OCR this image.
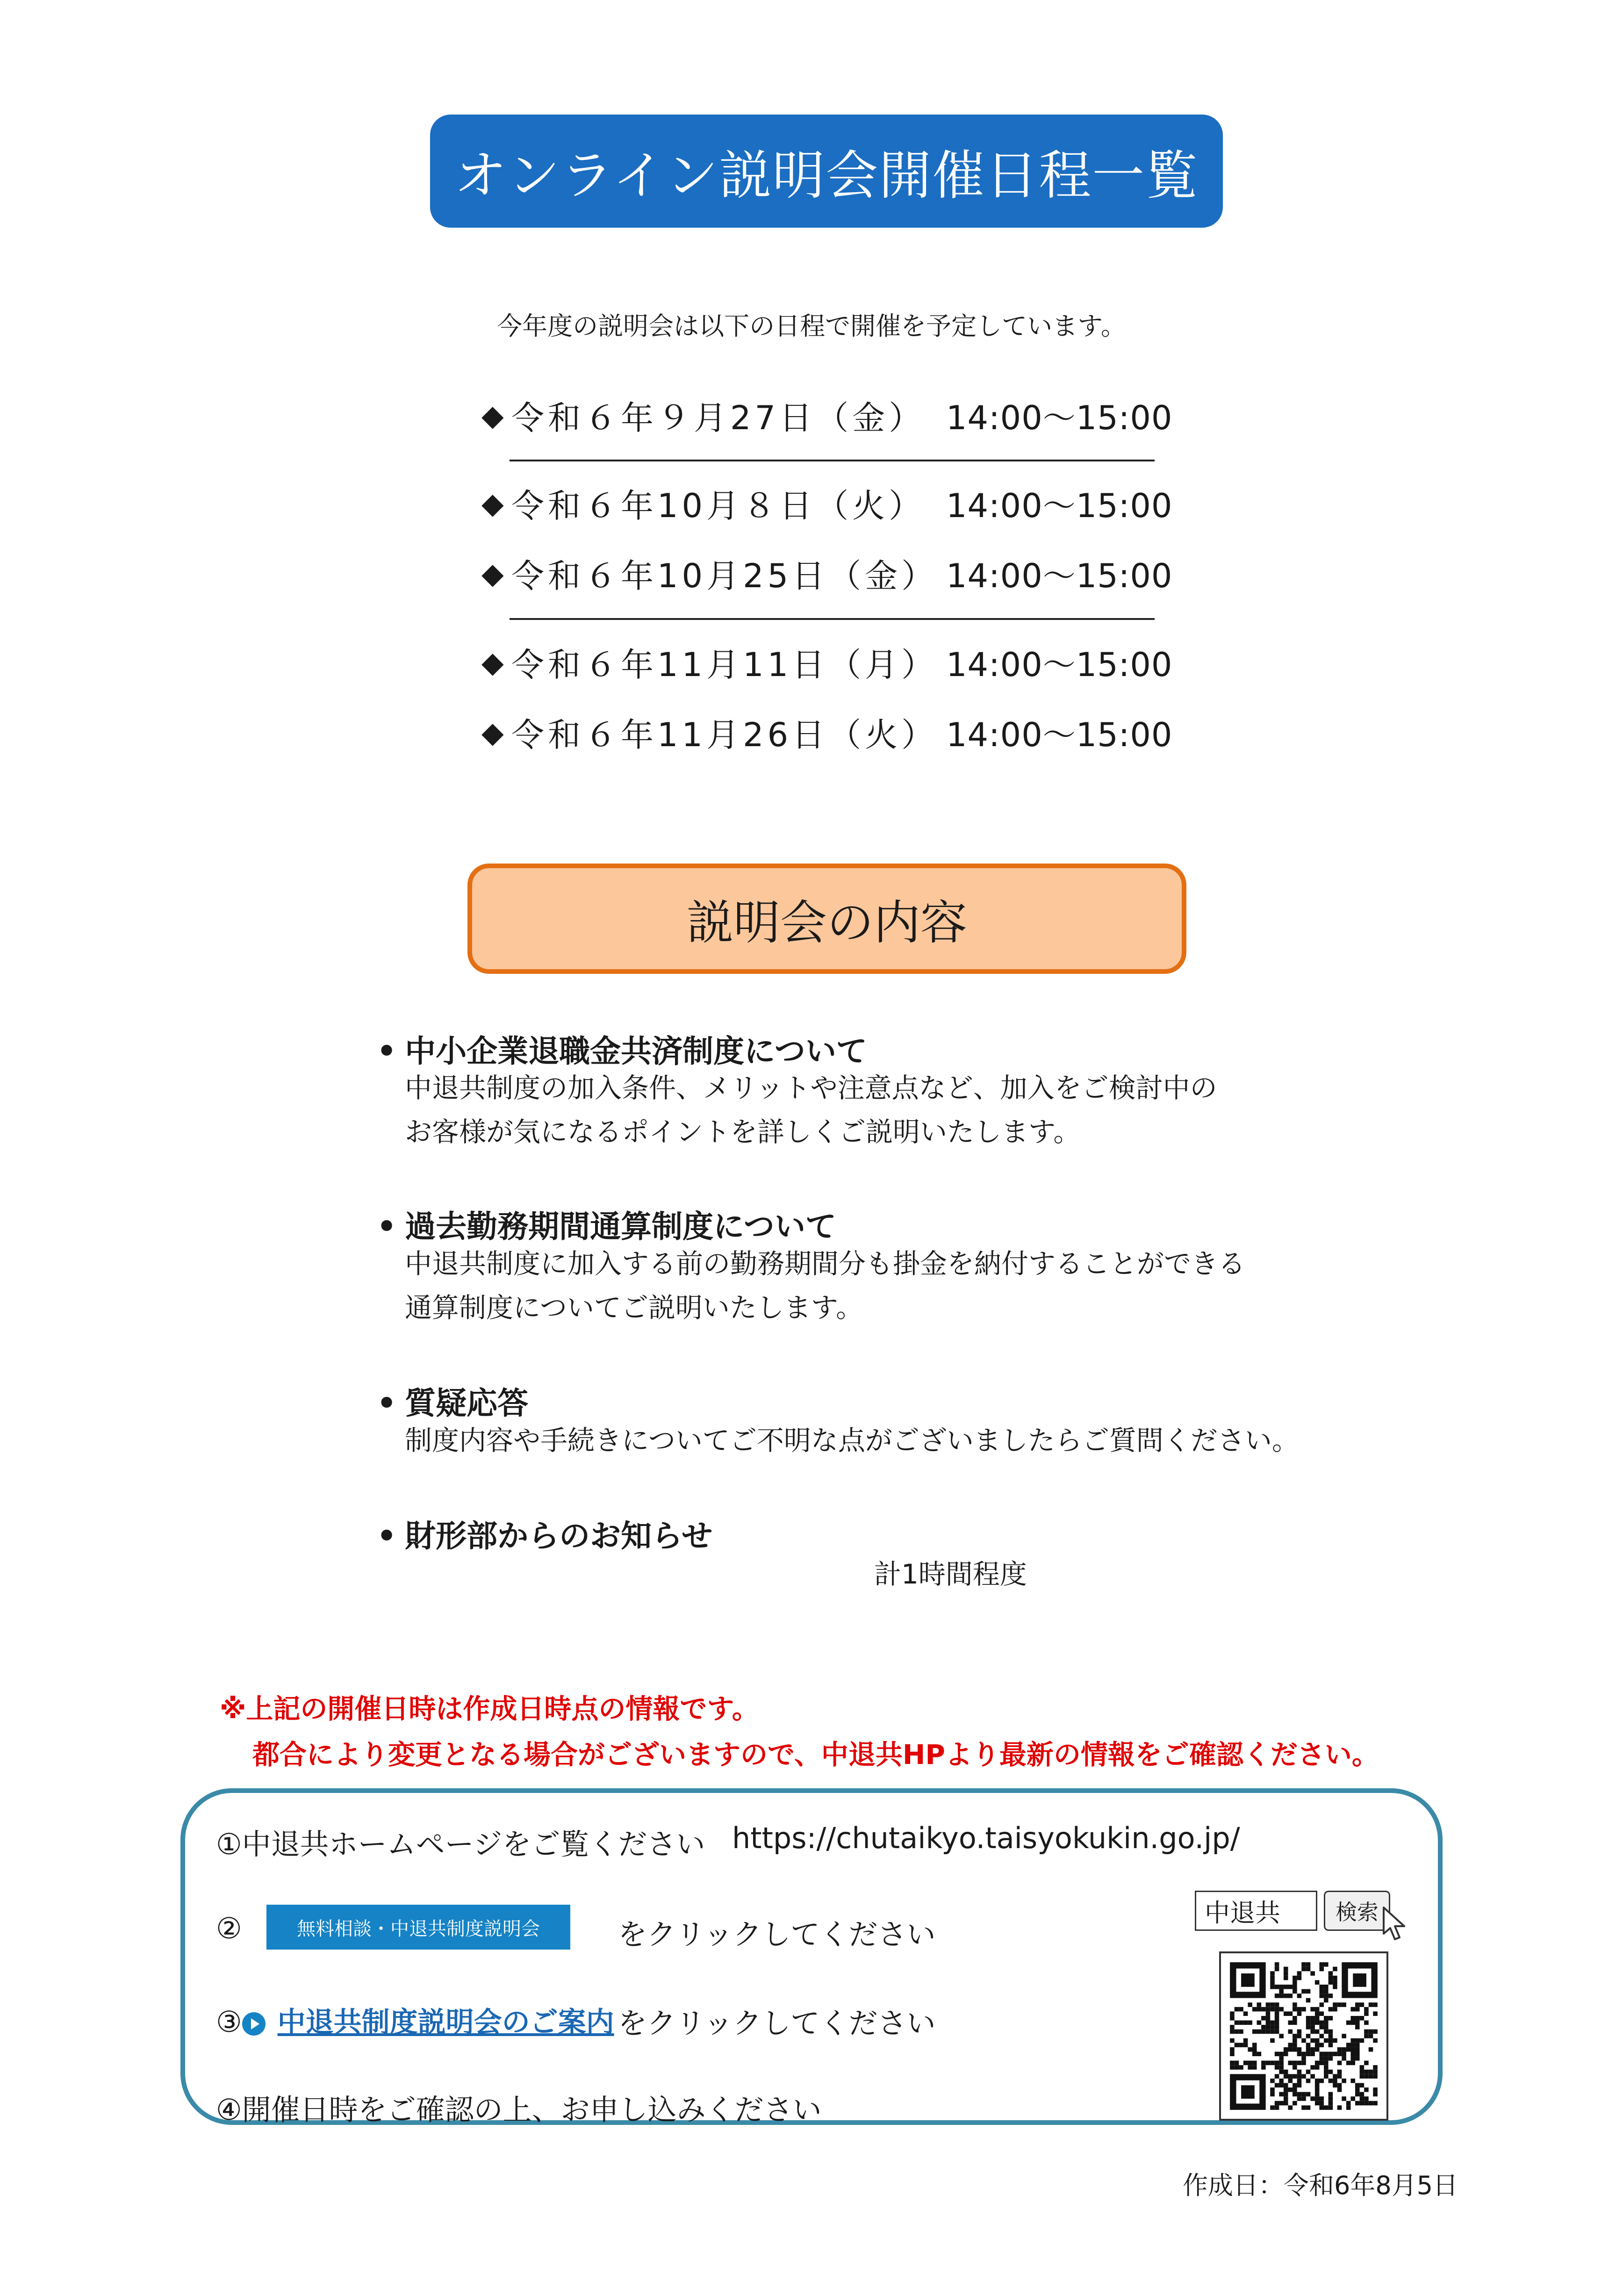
オンライン説明会開催日程一覧
今年度の説明会は以下の日程で開催を予定しています。
◆ 令和６年９月27日（金） 14:00～15:00
◆ 令和６年10月８日（火） 14:00～15:00
◆ 令和６年10月25日（金） 14:00～15:00
◆ 令和６年11月11日（月） 14:00～15:00
◆ 令和６年11月26日（火） 14:00～15:00
説明会の内容
• 中小企業退職金共済制度について
中退共制度の加入条件、メリットや注意点など、加入をご検討中の
お客様が気になるポイントを詳しくご説明いたします。
• 過去勤務期間通算制度について
中退共制度に加入する前の勤務期間分も掛金を納付することができる
通算制度についてご説明いたします。
• 質疑応答
制度内容や手続きについてご不明な点がございましたらご質問ください。
• 財形部からのお知らせ
計1時間程度
※上記の開催日時は作成日時点の情報です。
都合により変更となる場合がございますので、中退共HPより最新の情報をご確認ください。
①中退共ホームページをご覧ください https://chutaikyo.taisyokukin.go.jp/
②	無料相談・中退共制度説明会	をクリックしてください
③ 中退共制度説明会のご案内 をクリックしてください
④開催日時をご確認の上、お申し込みください
中退共	検索
作成日：令和6年8月5日
